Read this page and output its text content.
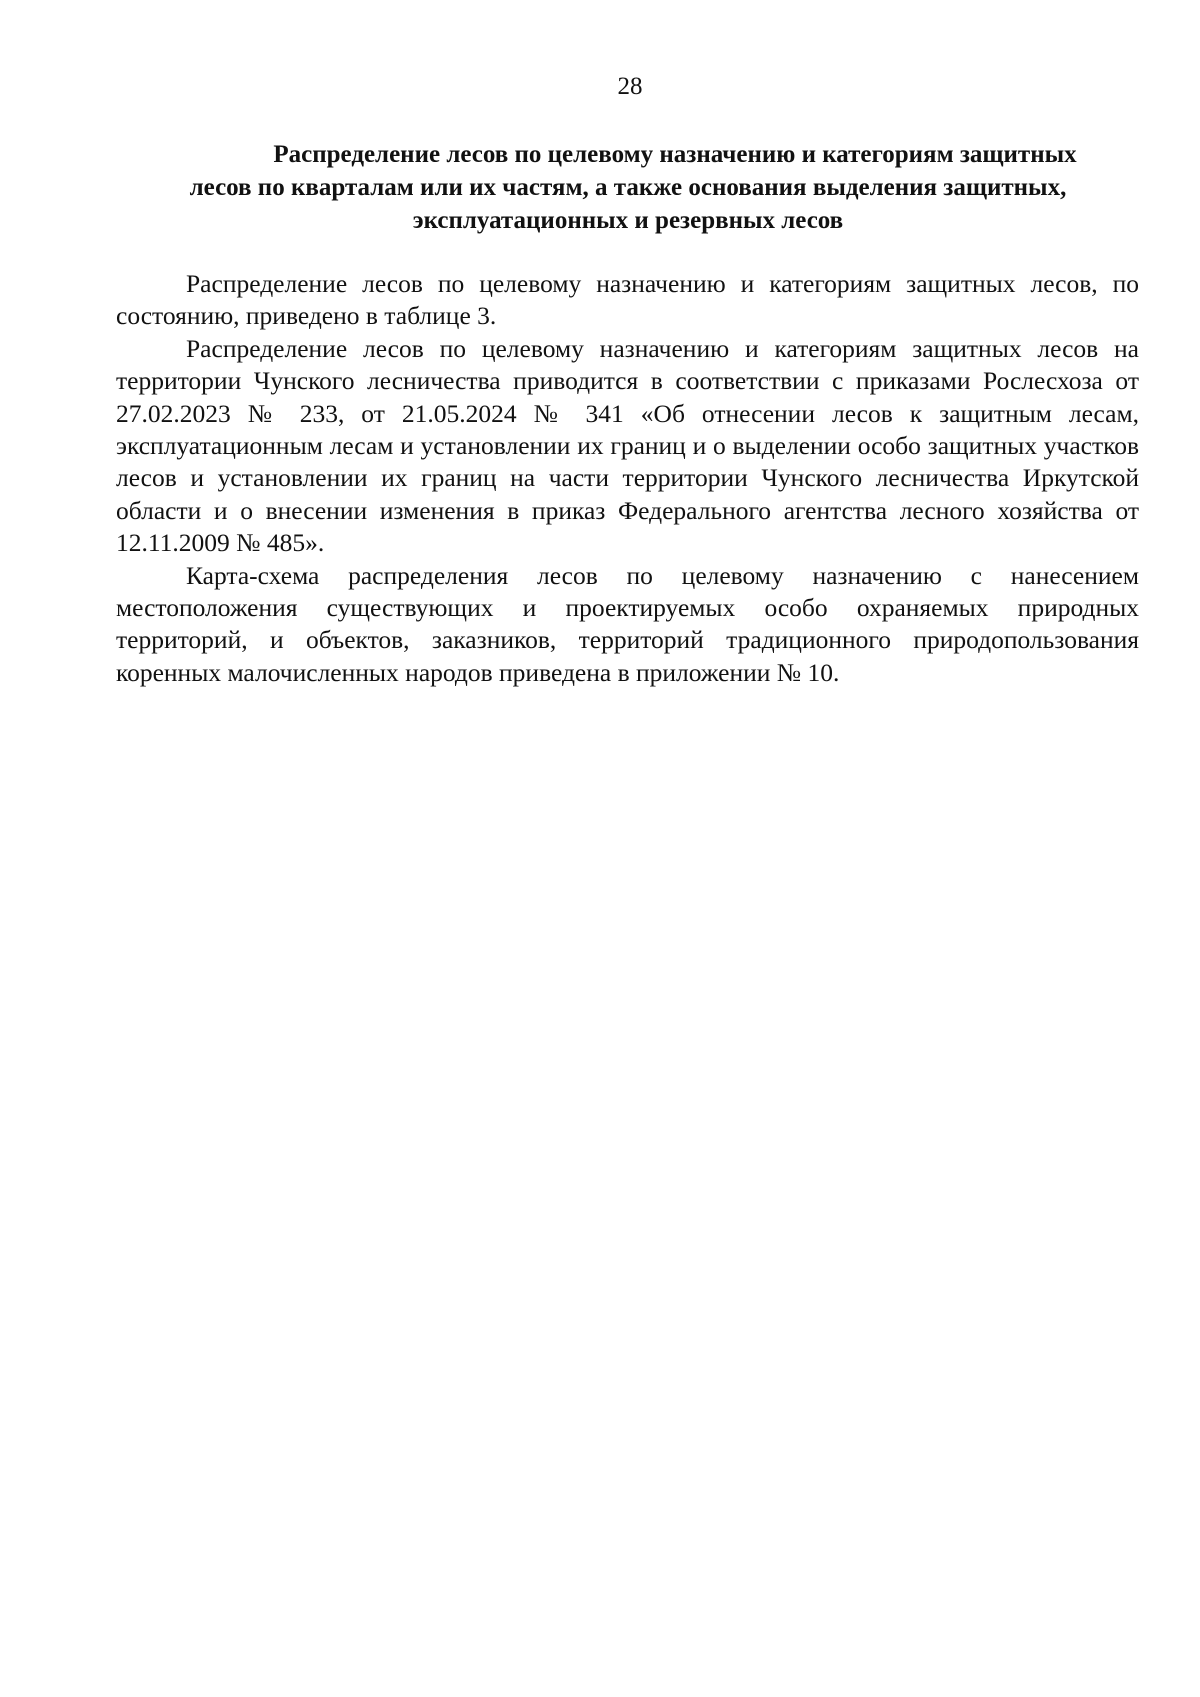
28
Распределение лесов по целевому назначению и категориям защитных
лесов по кварталам или их частям, а также основания выделения защитных,
эксплуатационных и резервных лесов

Распределение лесов по целевому назначению и категориям защитных лесов, по состоянию, приведено в таблице 3.

Распределение лесов по целевому назначению и категориям защитных лесов на территории Чунского лесничества приводится в соответствии с приказами Рослесхоза от 27.02.2023 № 233, от 21.05.2024 № 341 «Об отнесении лесов к защитным лесам, эксплуатационным лесам и установлении их границ и о выделении особо защитных участков лесов и установлении их границ на части территории Чунского лесничества Иркутской области и о внесении изменения в приказ Федерального агентства лесного хозяйства от 12.11.2009 № 485».

Карта-схема распределения лесов по целевому назначению с нанесением местоположения существующих и проектируемых особо охраняемых природных территорий, и объектов, заказников, территорий традиционного природопользования коренных малочисленных народов приведена в приложении № 10.
